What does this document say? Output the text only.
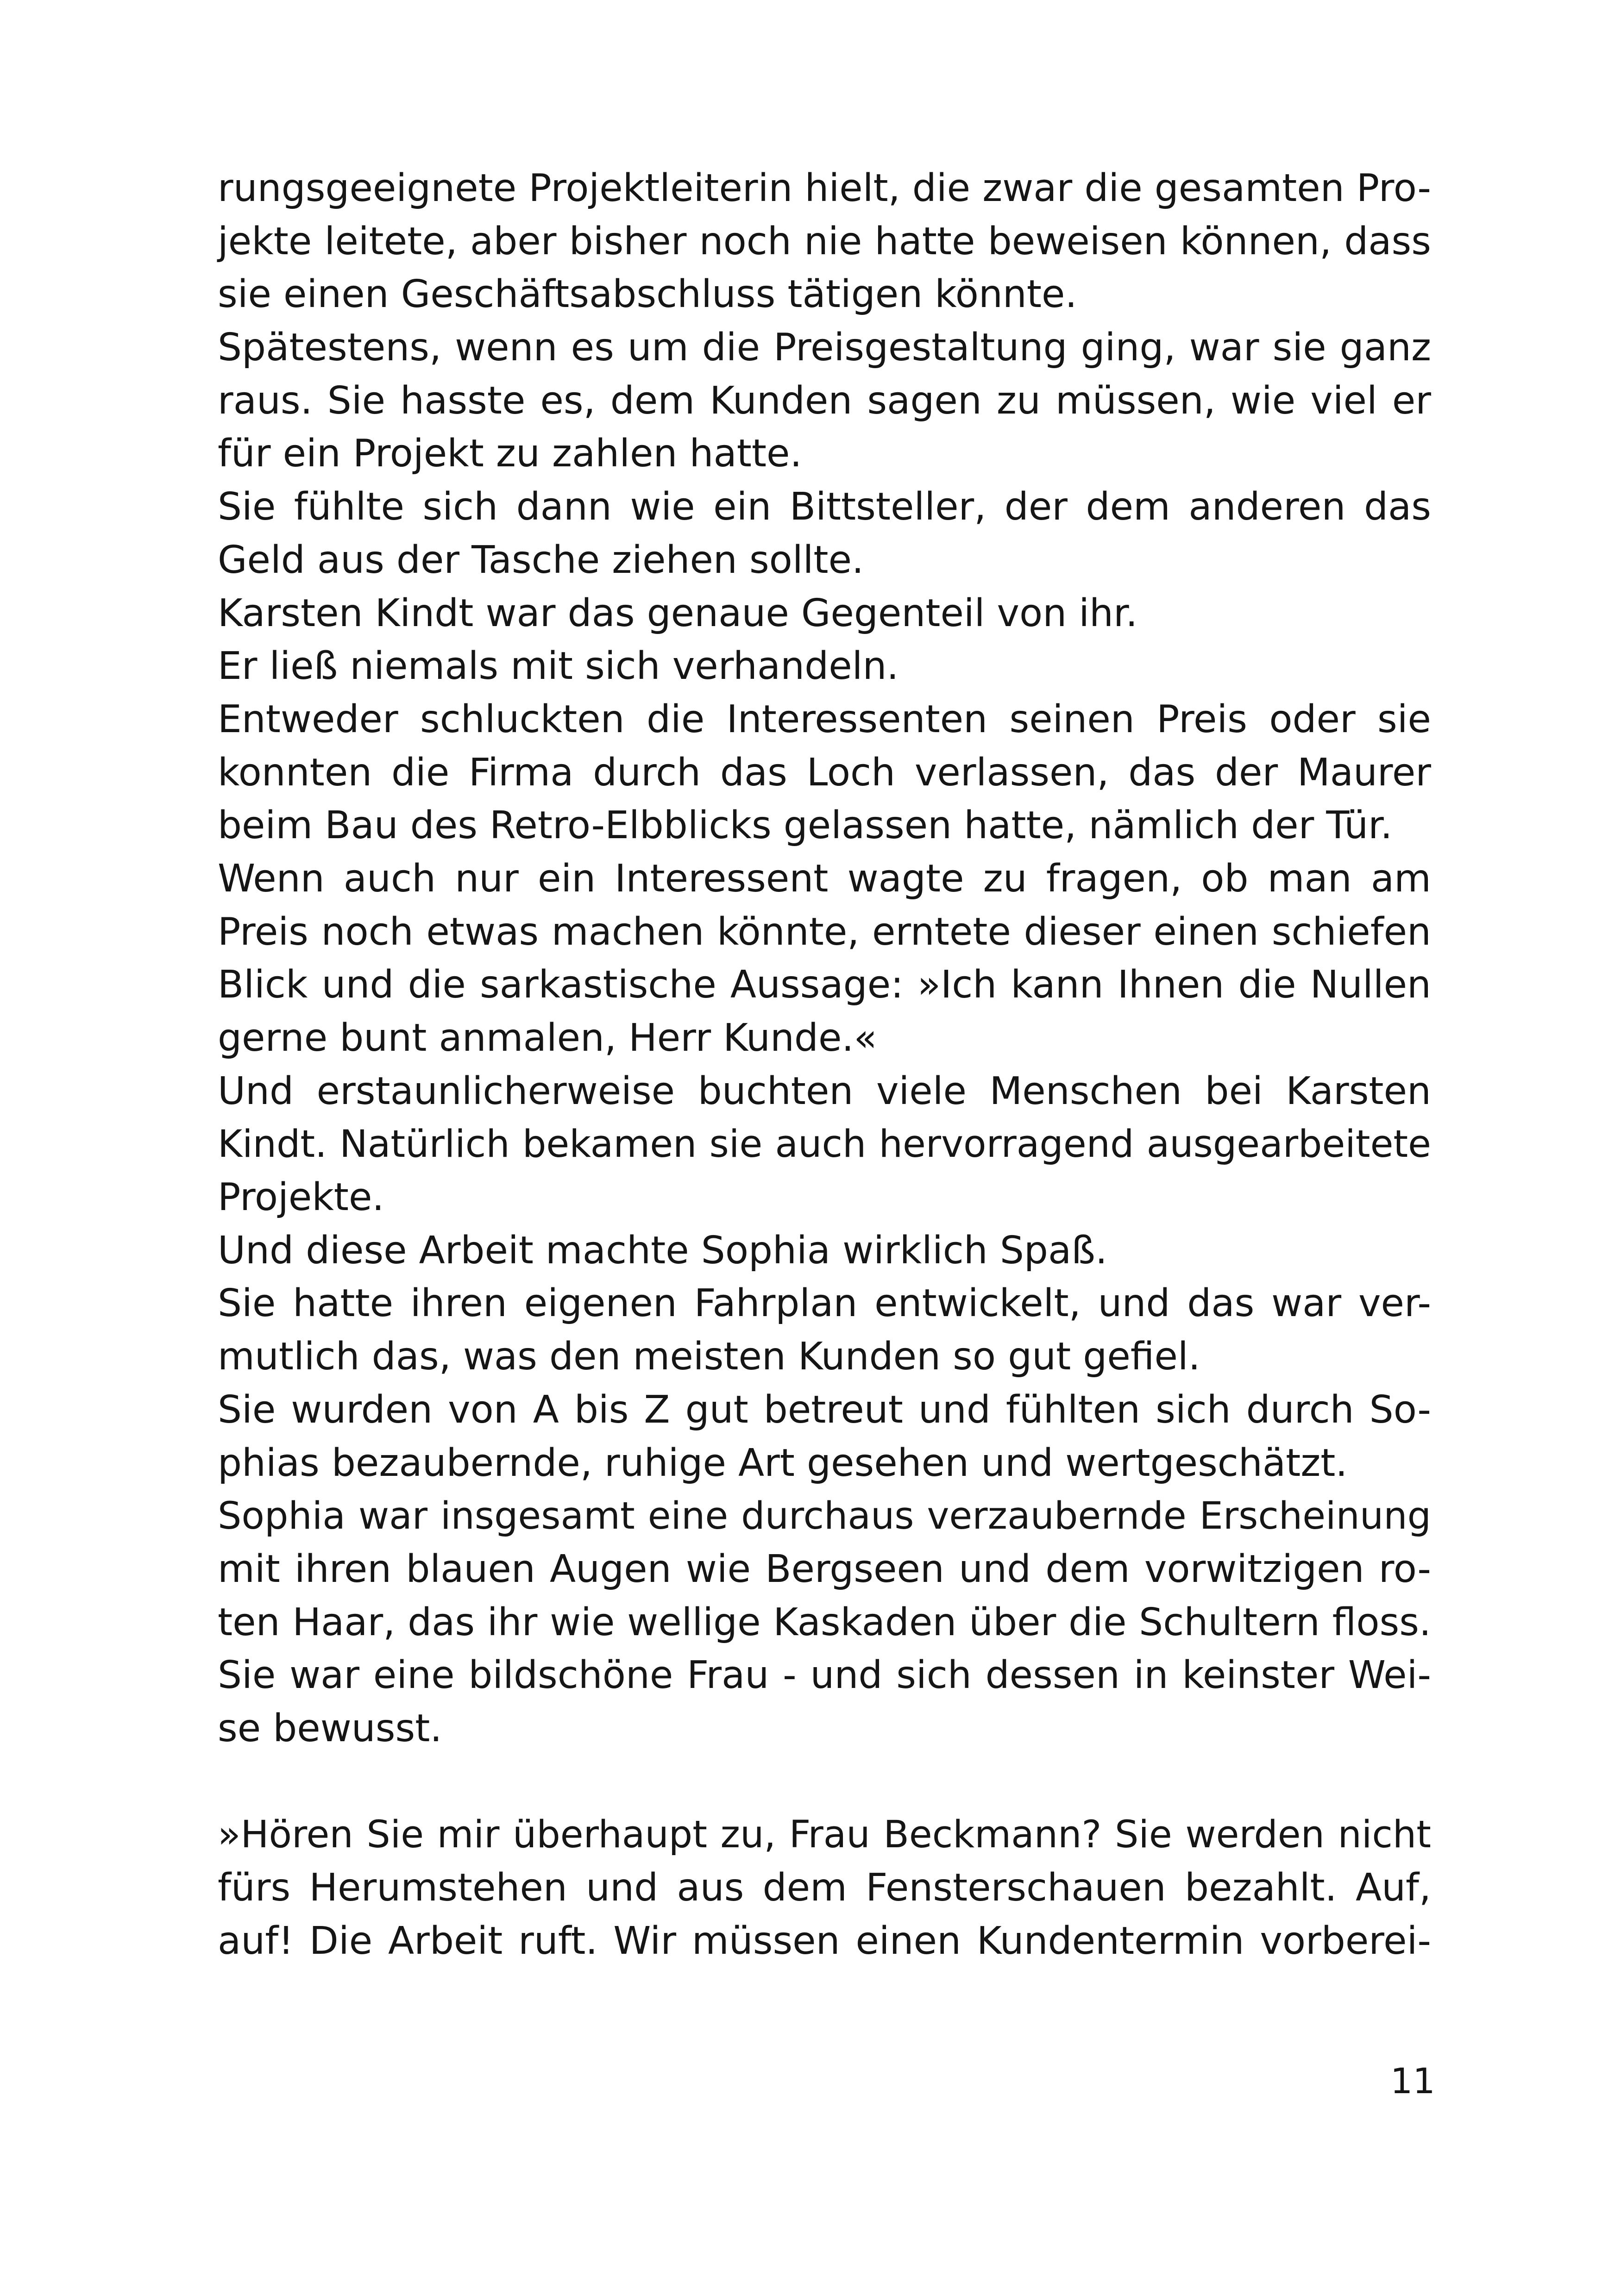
rungsgeeignete Projektleiterin hielt, die zwar die gesamten Pro-
jekte leitete, aber bisher noch nie hatte beweisen können, dass
sie einen Geschäftsabschluss tätigen könnte.
Spätestens, wenn es um die Preisgestaltung ging, war sie ganz
raus. Sie hasste es, dem Kunden sagen zu müssen, wie viel er
für ein Projekt zu zahlen hatte.
Sie fühlte sich dann wie ein Bittsteller, der dem anderen das
Geld aus der Tasche ziehen sollte.
Karsten Kindt war das genaue Gegenteil von ihr.
Er ließ niemals mit sich verhandeln.
Entweder schluckten die Interessenten seinen Preis oder sie
konnten die Firma durch das Loch verlassen, das der Maurer
beim Bau des Retro-Elbblicks gelassen hatte, nämlich der Tür.
Wenn auch nur ein Interessent wagte zu fragen, ob man am
Preis noch etwas machen könnte, erntete dieser einen schiefen
Blick und die sarkastische Aussage: »Ich kann Ihnen die Nullen
gerne bunt anmalen, Herr Kunde.«
Und erstaunlicherweise buchten viele Menschen bei Karsten
Kindt. Natürlich bekamen sie auch hervorragend ausgearbeitete
Projekte.
Und diese Arbeit machte Sophia wirklich Spaß.
Sie hatte ihren eigenen Fahrplan entwickelt, und das war ver-
mutlich das, was den meisten Kunden so gut gefiel.
Sie wurden von A bis Z gut betreut und fühlten sich durch So-
phias bezaubernde, ruhige Art gesehen und wertgeschätzt.
Sophia war insgesamt eine durchaus verzaubernde Erscheinung
mit ihren blauen Augen wie Bergseen und dem vorwitzigen ro-
ten Haar, das ihr wie wellige Kaskaden über die Schultern floss.
Sie war eine bildschöne Frau - und sich dessen in keinster Wei-
se bewusst.
»Hören Sie mir überhaupt zu, Frau Beckmann? Sie werden nicht
fürs Herumstehen und aus dem Fensterschauen bezahlt. Auf,
auf! Die Arbeit ruft. Wir müssen einen Kundentermin vorberei-
11
